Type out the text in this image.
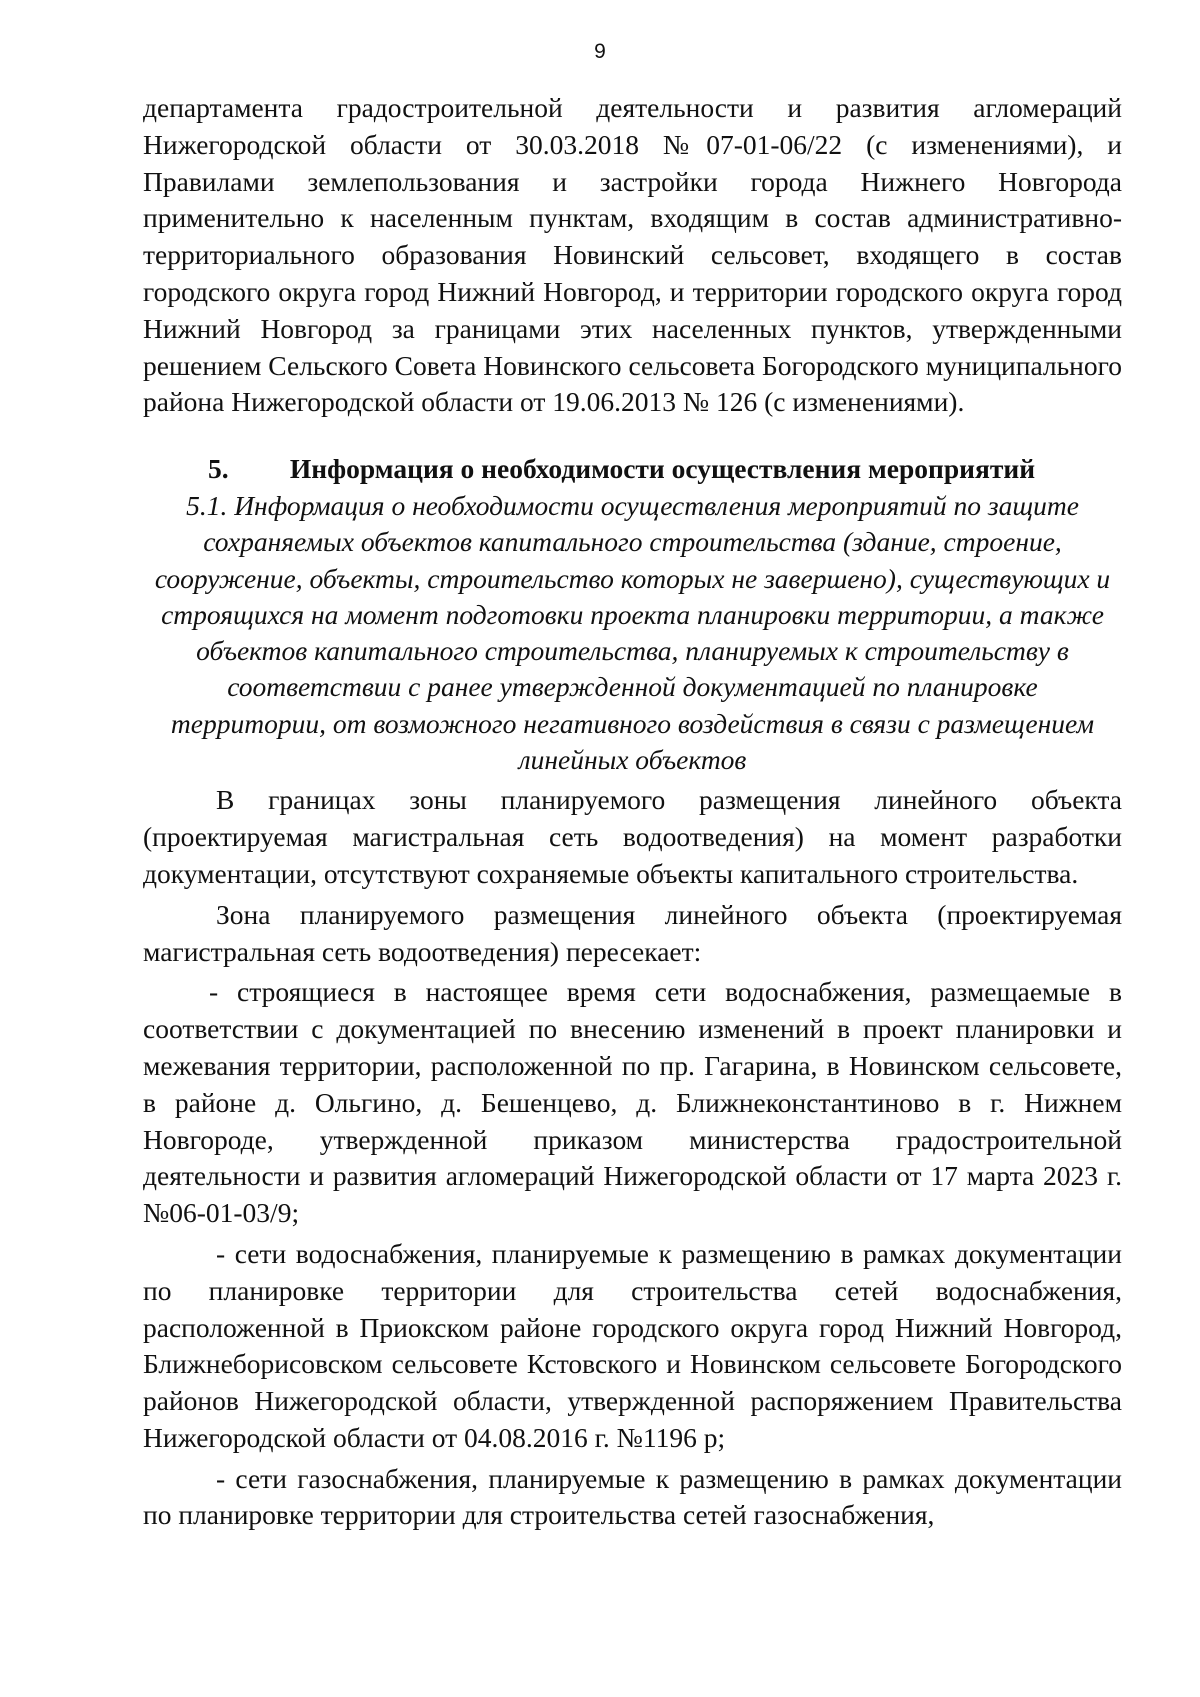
9

департамента градостроительной деятельности и развития агломераций Нижегородской области от 30.03.2018 №07-01-06/22 (с изменениями), и Правилами землепользования и застройки города Нижнего Новгорода применительно к населенным пунктам, входящим в состав административно-территориального образования Новинский сельсовет, входящего в состав городского округа город Нижний Новгород, и территории городского округа город Нижний Новгород за границами этих населенных пунктов, утвержденными решением Сельского Совета Новинского сельсовета Богородского муниципального района Нижегородской области от 19.06.2013 № 126 (с изменениями).

5. Информация о необходимости осуществления мероприятий

5.1. Информация о необходимости осуществления мероприятий по защите сохраняемых объектов капитального строительства (здание, строение, сооружение, объекты, строительство которых не завершено), существующих и строящихся на момент подготовки проекта планировки территории, а также объектов капитального строительства, планируемых к строительству в соответствии с ранее утвержденной документацией по планировке территории, от возможного негативного воздействия в связи с размещением линейных объектов

В границах зоны планируемого размещения линейного объекта (проектируемая магистральная сеть водоотведения) на момент разработки документации, отсутствуют сохраняемые объекты капитального строительства.

Зона планируемого размещения линейного объекта (проектируемая магистральная сеть водоотведения) пересекает:

- строящиеся в настоящее время сети водоснабжения, размещаемые в соответствии с документацией по внесению изменений в проект планировки и межевания территории, расположенной по пр. Гагарина, в Новинском сельсовете, в районе д. Ольгино, д. Бешенцево, д. Ближнеконстантиново в г. Нижнем Новгороде, утвержденной приказом министерства градостроительной деятельности и развития агломераций Нижегородской области от 17 марта 2023 г. №06-01-03/9;

- сети водоснабжения, планируемые к размещению в рамках документации по планировке территории для строительства сетей водоснабжения, расположенной в Приокском районе городского округа город Нижний Новгород, Ближнеборисовском сельсовете Кстовского и Новинском сельсовете Богородского районов Нижегородской области, утвержденной распоряжением Правительства Нижегородской области от 04.08.2016 г. №1196 р;

- сети газоснабжения, планируемые к размещению в рамках документации по планировке территории для строительства сетей газоснабжения,
